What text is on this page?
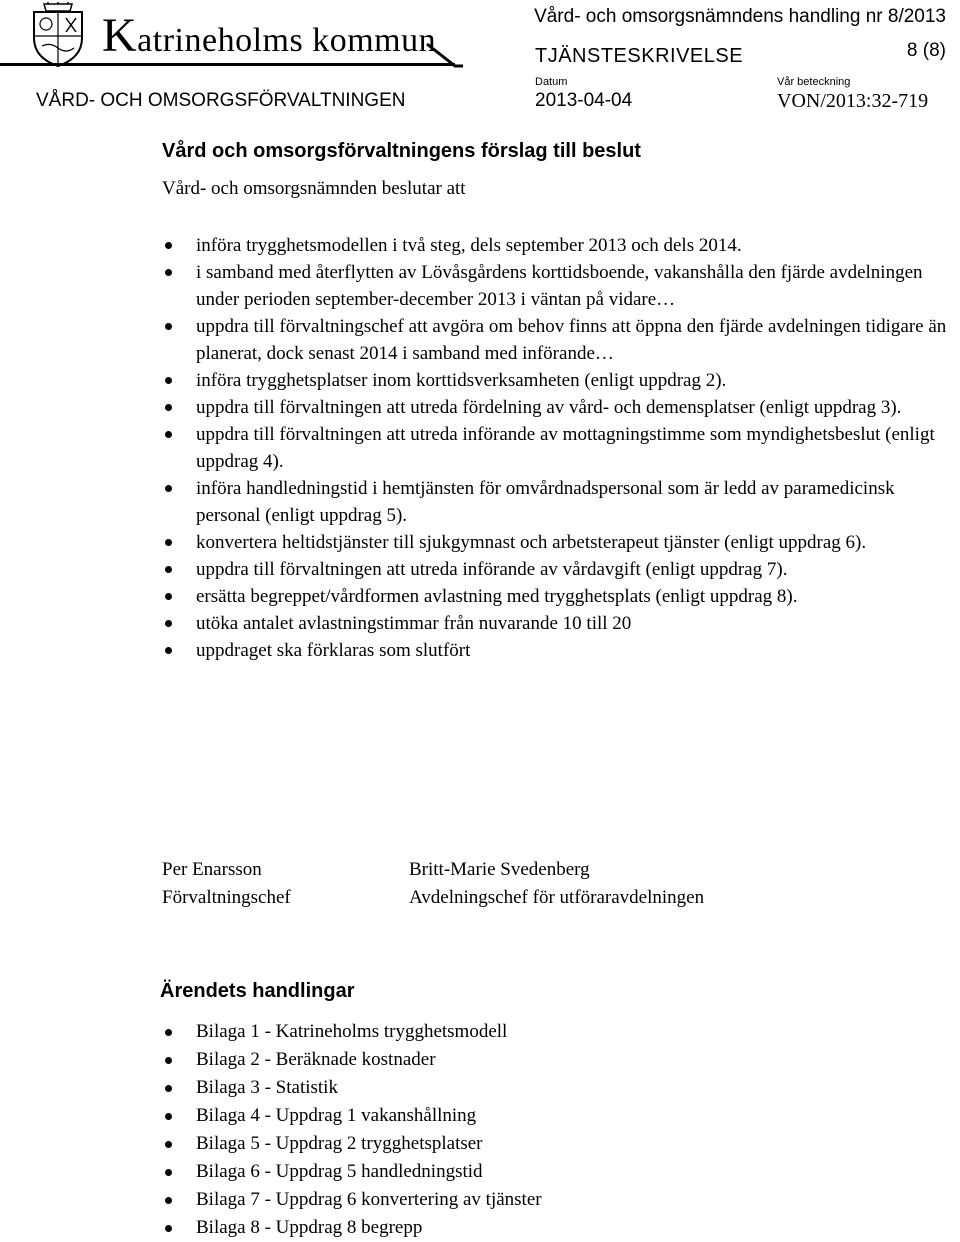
Katrineholms kommun
VÅRD- OCH OMSORGSFÖRVALTNINGEN
Vård- och omsorgsnämndens handling nr 8/2013
TJÄNSTESKRIVELSE	8 (8)
Datum
2013-04-04
Vår beteckning
VON/2013:32-719
Vård och omsorgsförvaltningens förslag till beslut
Vård- och omsorgsnämnden beslutar att
införa trygghetsmodellen i två steg, dels september 2013 och dels 2014.
i samband med återflytten av Lövåsgårdens korttidsboende, vakanshålla den fjärde avdelningen under perioden september-december 2013 i väntan på vidare…
uppdra till förvaltningschef att avgöra om behov finns att öppna den fjärde avdelningen tidigare än planerat, dock senast 2014 i samband med införande…
införa trygghetsplatser inom korttidsverksamheten (enligt uppdrag 2).
uppdra till förvaltningen att utreda fördelning av vård- och demensplatser (enligt uppdrag 3).
uppdra till förvaltningen att utreda införande av mottagningstimme som myndighetsbeslut (enligt uppdrag 4).
införa handledningstid i hemtjänsten för omvårdnadspersonal som är ledd av paramedicinsk personal (enligt uppdrag 5).
konvertera heltidstjänster till sjukgymnast och arbetsterapeut tjänster (enligt uppdrag 6).
uppdra till förvaltningen att utreda införande av vårdavgift (enligt uppdrag 7).
ersätta begreppet/vårdformen avlastning med trygghetsplats (enligt uppdrag 8).
utöka antalet avlastningstimmar från nuvarande 10 till 20
uppdraget ska förklaras som slutfört
Per Enarsson
Förvaltningschef
Britt-Marie Svedenberg
Avdelningschef för utföraravdelningen
Ärendets handlingar
Bilaga 1 - Katrineholms trygghetsmodell
Bilaga 2 - Beräknade kostnader
Bilaga 3 - Statistik
Bilaga 4 - Uppdrag 1 vakanshållning
Bilaga 5 - Uppdrag 2 trygghetsplatser
Bilaga 6 - Uppdrag 5 handledningstid
Bilaga 7 - Uppdrag 6 konvertering av tjänster
Bilaga 8 - Uppdrag 8 begrepp
